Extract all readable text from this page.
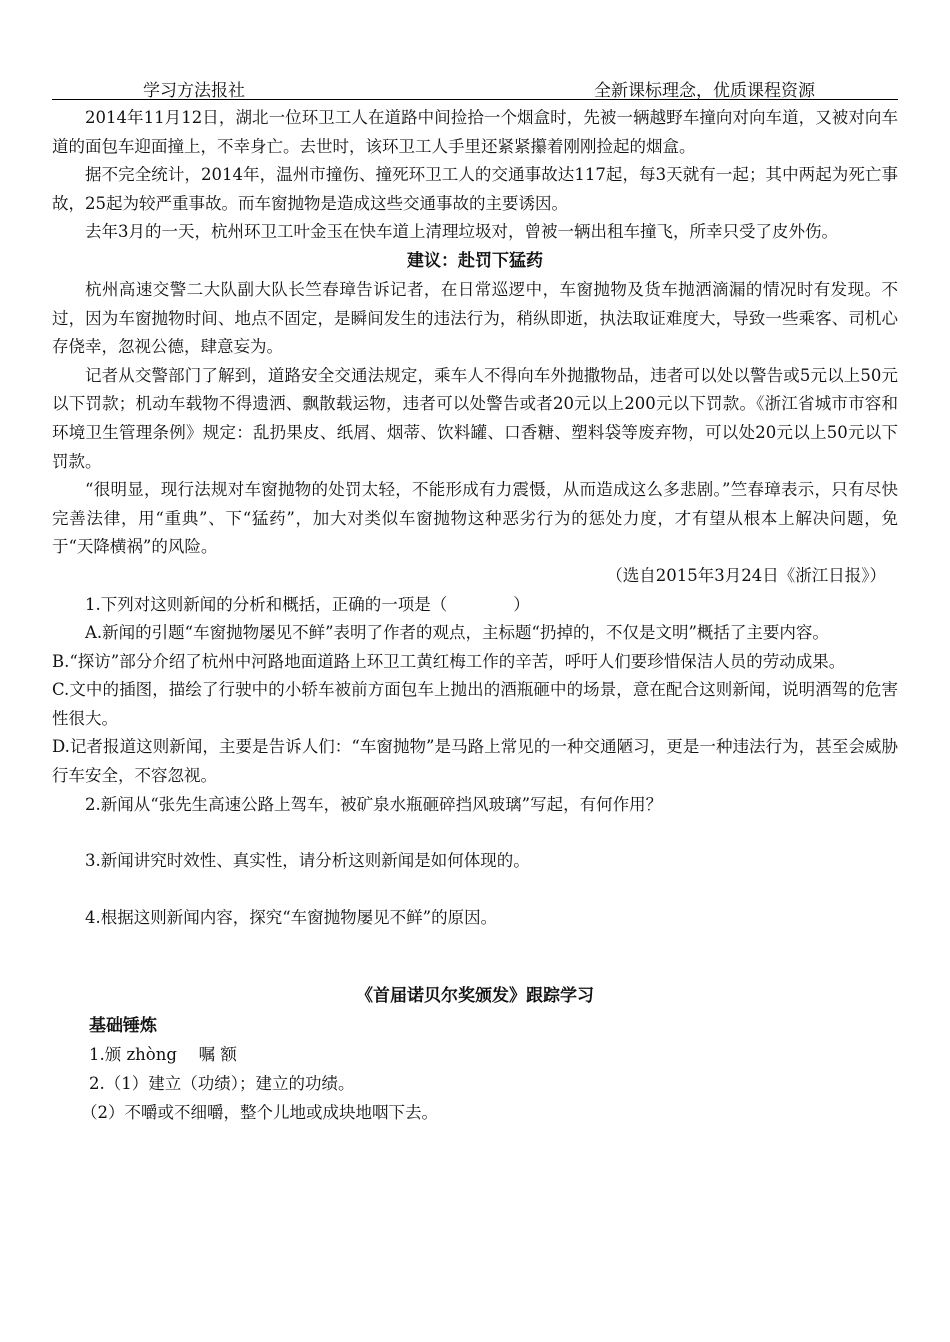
学习方法报社	全新课标理念，优质课程资源

2014年11月12日，湖北一位环卫工人在道路中间捡拾一个烟盒时，先被一辆越野车撞向对向车道，又被对向车道的面包车迎面撞上，不幸身亡。去世时，该环卫工人手里还紧紧攥着刚刚捡起的烟盒。

据不完全统计，2014年，温州市撞伤、撞死环卫工人的交通事故达117起，每3天就有一起；其中两起为死亡事故，25起为较严重事故。而车窗抛物是造成这些交通事故的主要诱因。

去年3月的一天，杭州环卫工叶金玉在快车道上清理垃圾对，曾被一辆出租车撞飞，所幸只受了皮外伤。

建议：赴罚下猛药

杭州高速交警二大队副大队长竺春璋告诉记者，在日常巡逻中，车窗抛物及货车抛洒滴漏的情况时有发现。不过，因为车窗抛物时间、地点不固定，是瞬间发生的违法行为，稍纵即逝，执法取证难度大，导致一些乘客、司机心存侥幸，忽视公德，肆意妄为。

记者从交警部门了解到，道路安全交通法规定，乘车人不得向车外抛撒物品，违者可以处以警告或5元以上50元以下罚款；机动车载物不得遗洒、飘散载运物，违者可以处警告或者20元以上200元以下罚款。《浙江省城市市容和环境卫生管理条例》规定：乱扔果皮、纸屑、烟蒂、饮料罐、口香糖、塑料袋等废弃物，可以处20元以上50元以下罚款。

“很明显，现行法规对车窗抛物的处罚太轻，不能形成有力震慑，从而造成这么多悲剧。”竺春璋表示，只有尽快完善法律，用“重典”、下“猛药”，加大对类似车窗抛物这种恶劣行为的惩处力度，才有望从根本上解决问题，免于“天降横祸”的风险。

（选自2015年3月24日《浙江日报》）

1.下列对这则新闻的分析和概括，正确的一项是（　　　　）

A.新闻的引题“车窗抛物屡见不鲜”表明了作者的观点，主标题“扔掉的，不仅是文明”概括了主要内容。

B.“探访”部分介绍了杭州中河路地面道路上环卫工黄红梅工作的辛苦，呼吁人们要珍惜保洁人员的劳动成果。

C.文中的插图，描绘了行驶中的小轿车被前方面包车上抛出的酒瓶砸中的场景，意在配合这则新闻，说明酒驾的危害性很大。

D.记者报道这则新闻，主要是告诉人们：“车窗抛物”是马路上常见的一种交通陋习，更是一种违法行为，甚至会威胁行车安全，不容忽视。

2.新闻从“张先生高速公路上驾车，被矿泉水瓶砸碎挡风玻璃”写起，有何作用？

3.新闻讲究时效性、真实性，请分析这则新闻是如何体现的。

4.根据这则新闻内容，探究“车窗抛物屡见不鲜”的原因。

《首届诺贝尔奖颁发》跟踪学习

基础锤炼

1.颁 zhòng　 嘱 额

2.（1）建立（功绩）；建立的功绩。

（2）不嚼或不细嚼，整个儿地或成块地咽下去。
